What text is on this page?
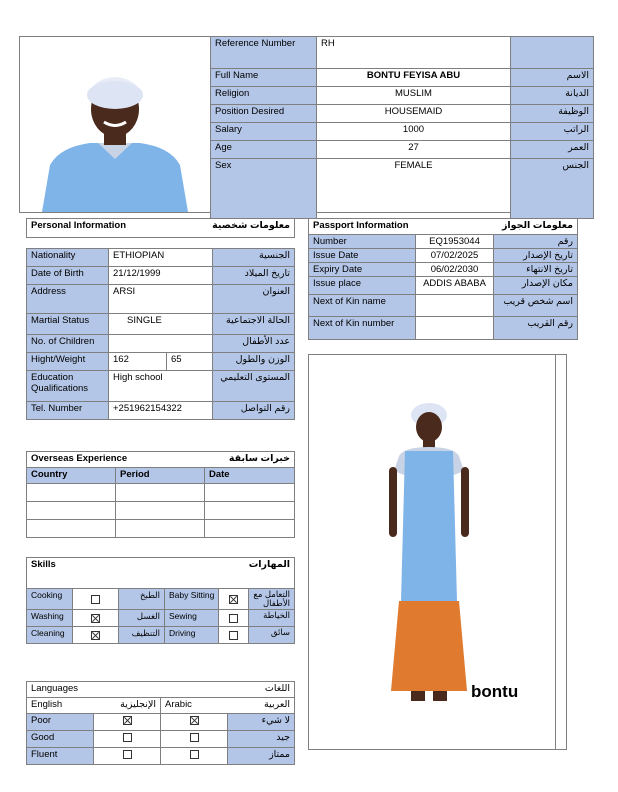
Reference Number	RH	
Full Name	BONTU FEYISA ABU	الاسم
Religion	MUSLIM	الديانة
Position Desired	HOUSEMAID	الوظيفة
Salary	1000	الراتب
Age	27	العمر
Sex	FEMALE	الجنس
Personal Information		معلومات شخصية	

Nationality	ETHIOPIAN		الجنسية
Date of Birth	21/12/1999		تاريخ الميلاد
Address	ARSI		العنوان
Martial Status	SINGLE		الحالة الاجتماعية
No. of Children			عدد الأطفال
Hight/Weight	162	65	الوزن والطول
Education Qualifications	High school		المستوى التعليمي
Tel. Number	+251962154322		رقم التواصل
Passport Information		معلومات الجواز
Number	EQ1953044	رقم
Issue Date	07/02/2025	تاريخ الإصدار
Expiry Date	06/02/2030	تاريخ الانتهاء
Issue place	ADDIS ABABA	مكان الإصدار
Next of Kin name		اسم شخص قريب
Next of Kin number		رقم القريب
bontu
Overseas Experience		خبرات سابقة
Country	Period	Date

Skills			المهارات		
Cooking		الطبخ	Baby Sitting		التعامل مع الأطفال
Washing		الغسل	Sewing		الخياطة
Cleaning		التنظيف	Driving		سائق
Languages		اللغات	
English	الإنجليزية	Arabic	العربية
Poor			لا شيء
Good			جيد
Fluent			ممتاز
